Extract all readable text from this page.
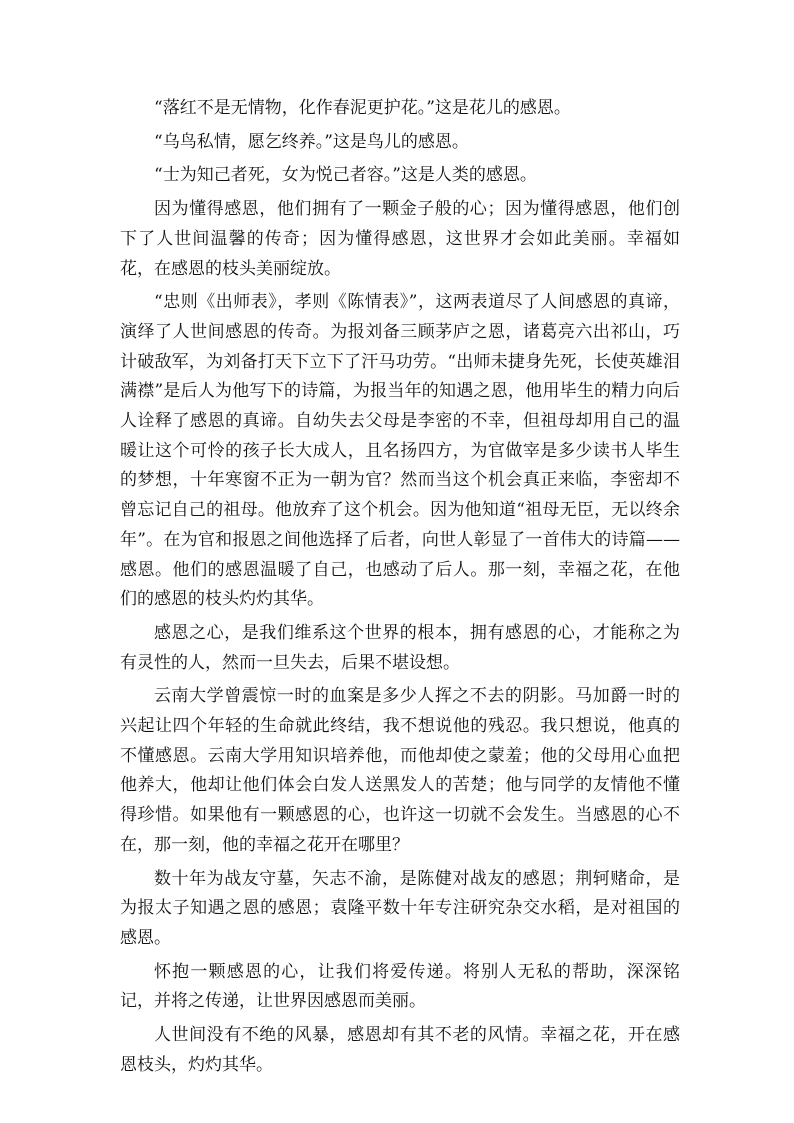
“落红不是无情物，化作春泥更护花。”这是花儿的感恩。

“乌鸟私情，愿乞终养。”这是鸟儿的感恩。

“士为知己者死，女为悦己者容。”这是人类的感恩。

因为懂得感恩，他们拥有了一颗金子般的心；因为懂得感恩，他们创下了人世间温馨的传奇；因为懂得感恩，这世界才会如此美丽。幸福如花，在感恩的枝头美丽绽放。

“忠则《出师表》，孝则《陈情表》”，这两表道尽了人间感恩的真谛，演绎了人世间感恩的传奇。为报刘备三顾茅庐之恩，诸葛亮六出祁山，巧计破敌军，为刘备打天下立下了汗马功劳。“出师未捷身先死，长使英雄泪满襟”是后人为他写下的诗篇，为报当年的知遇之恩，他用毕生的精力向后人诠释了感恩的真谛。自幼失去父母是李密的不幸，但祖母却用自己的温暖让这个可怜的孩子长大成人，且名扬四方，为官做宰是多少读书人毕生的梦想，十年寒窗不正为一朝为官？然而当这个机会真正来临，李密却不曾忘记自己的祖母。他放弃了这个机会。因为他知道“祖母无臣，无以终余年”。在为官和报恩之间他选择了后者，向世人彰显了一首伟大的诗篇——感恩。他们的感恩温暖了自己，也感动了后人。那一刻，幸福之花，在他们的感恩的枝头灼灼其华。

感恩之心，是我们维系这个世界的根本，拥有感恩的心，才能称之为有灵性的人，然而一旦失去，后果不堪设想。

云南大学曾震惊一时的血案是多少人挥之不去的阴影。马加爵一时的兴起让四个年轻的生命就此终结，我不想说他的残忍。我只想说，他真的不懂感恩。云南大学用知识培养他，而他却使之蒙羞；他的父母用心血把他养大，他却让他们体会白发人送黑发人的苦楚；他与同学的友情他不懂得珍惜。如果他有一颗感恩的心，也许这一切就不会发生。当感恩的心不在，那一刻，他的幸福之花开在哪里？

数十年为战友守墓，矢志不渝，是陈健对战友的感恩；荆轲赌命，是为报太子知遇之恩的感恩；袁隆平数十年专注研究杂交水稻，是对祖国的感恩。

怀抱一颗感恩的心，让我们将爱传递。将别人无私的帮助，深深铭记，并将之传递，让世界因感恩而美丽。

人世间没有不绝的风暴，感恩却有其不老的风情。幸福之花，开在感恩枝头，灼灼其华。
